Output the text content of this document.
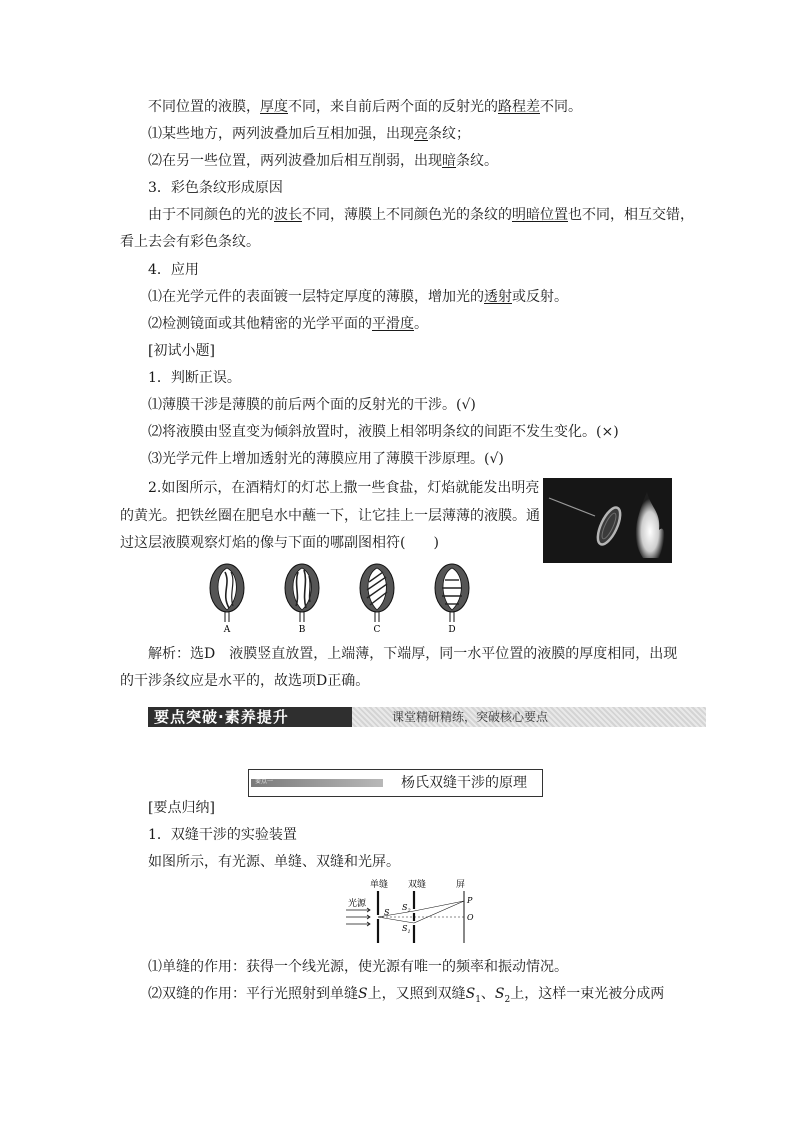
不同位置的液膜，厚度不同，来自前后两个面的反射光的路程差不同。
⑴某些地方，两列波叠加后互相加强，出现亮条纹；
⑵在另一些位置，两列波叠加后相互削弱，出现暗条纹。
3．彩色条纹形成原因
由于不同颜色的光的波长不同，薄膜上不同颜色光的条纹的明暗位置也不同，相互交错，
看上去会有彩色条纹。
4．应用
⑴在光学元件的表面镀一层特定厚度的薄膜，增加光的透射或反射。
⑵检测镜面或其他精密的光学平面的平滑度。
[初试小题]
1．判断正误。
⑴薄膜干涉是薄膜的前后两个面的反射光的干涉。(√)
⑵将液膜由竖直变为倾斜放置时，液膜上相邻明条纹的间距不发生变化。(×)
⑶光学元件上增加透射光的薄膜应用了薄膜干涉原理。(√)
2.如图所示，在酒精灯的灯芯上撒一些食盐，灯焰就能发出明亮
的黄光。把铁丝圈在肥皂水中蘸一下，让它挂上一层薄薄的液膜。通
过这层液膜观察灯焰的像与下面的哪副图相符(　　)
A	B	C	D
解析：选D　液膜竖直放置，上端薄，下端厚，同一水平位置的液膜的厚度相同，出现
的干涉条纹应是水平的，故选项D正确。
要点突破·素养提升	课堂精研精练，突破核心要点
要点一	杨氏双缝干涉的原理
[要点归纳]
1．双缝干涉的实验装置
如图所示，有光源、单缝、双缝和光屏。
单缝 双缝	屏
光源
S
$S_2$
$S_1$
P
O
⑴单缝的作用：获得一个线光源，使光源有唯一的频率和振动情况。
⑵双缝的作用：平行光照射到单缝S上，又照到双缝$S_1$、$S_2$上，这样一束光被分成两
